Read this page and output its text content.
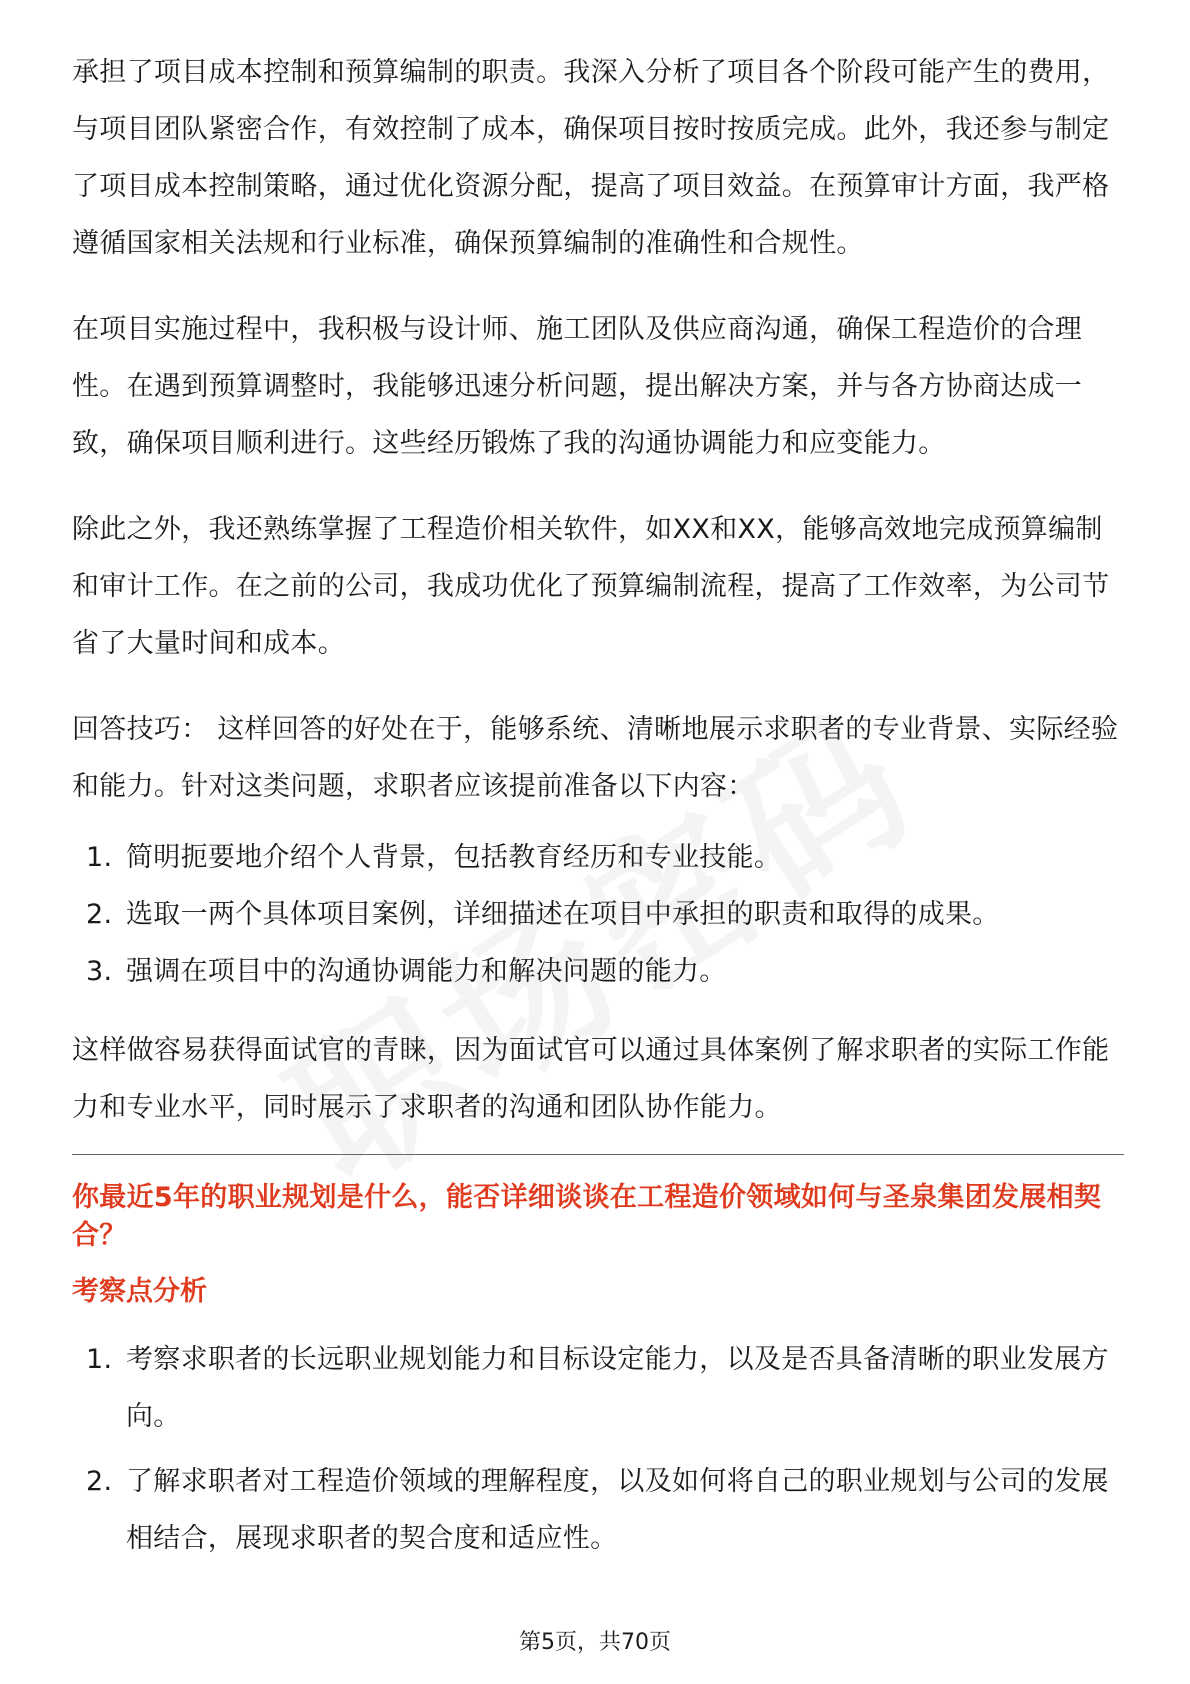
承担了项目成本控制和预算编制的职责。我深入分析了项目各个阶段可能产生的费用，与项目团队紧密合作，有效控制了成本，确保项目按时按质完成。此外，我还参与制定了项目成本控制策略，通过优化资源分配，提高了项目效益。在预算审计方面，我严格遵循国家相关法规和行业标准，确保预算编制的准确性和合规性。

在项目实施过程中，我积极与设计师、施工团队及供应商沟通，确保工程造价的合理性。在遇到预算调整时，我能够迅速分析问题，提出解决方案，并与各方协商达成一致，确保项目顺利进行。这些经历锻炼了我的沟通协调能力和应变能力。

除此之外，我还熟练掌握了工程造价相关软件，如XX和XX，能够高效地完成预算编制和审计工作。在之前的公司，我成功优化了预算编制流程，提高了工作效率，为公司节省了大量时间和成本。

回答技巧： 这样回答的好处在于，能够系统、清晰地展示求职者的专业背景、实际经验和能力。针对这类问题，求职者应该提前准备以下内容：

1. 简明扼要地介绍个人背景，包括教育经历和专业技能。
2. 选取一两个具体项目案例，详细描述在项目中承担的职责和取得的成果。
3. 强调在项目中的沟通协调能力和解决问题的能力。

这样做容易获得面试官的青睐，因为面试官可以通过具体案例了解求职者的实际工作能力和专业水平，同时展示了求职者的沟通和团队协作能力。

你最近5年的职业规划是什么，能否详细谈谈在工程造价领域如何与圣泉集团发展相契合？
考察点分析
1. 考察求职者的长远职业规划能力和目标设定能力，以及是否具备清晰的职业发展方向。
2. 了解求职者对工程造价领域的理解程度，以及如何将自己的职业规划与公司的发展相结合，展现求职者的契合度和适应性。
第5页，共70页
